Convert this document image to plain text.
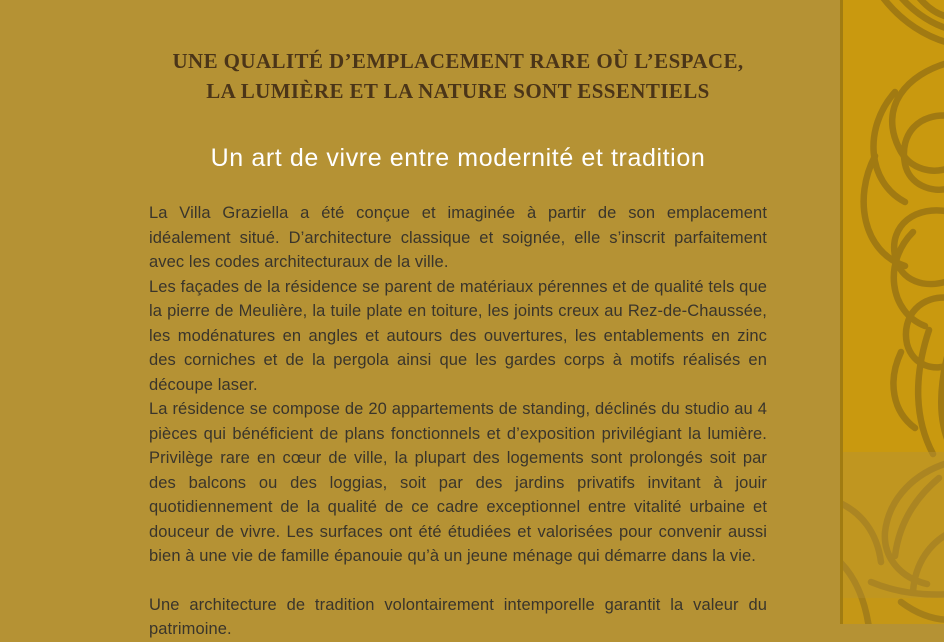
UNE QUALITÉ D’EMPLACEMENT RARE OÙ L’ESPACE,
LA LUMIÈRE ET LA NATURE SONT ESSENTIELS
Un art de vivre entre modernité et tradition

La Villa Graziella a été conçue et imaginée à partir de son emplacement idéalement situé. D’architecture classique et soignée, elle s’inscrit parfaitement avec les codes architecturaux de la ville.

Les façades de la résidence se parent de matériaux pérennes et de qualité tels que la pierre de Meulière, la tuile plate en toiture, les joints creux au Rez-de-Chaussée, les modénatures en angles et autours des ouvertures, les entablements en zinc des corniches et de la pergola ainsi que les gardes corps à motifs réalisés en découpe laser.

La résidence se compose de 20 appartements de standing, déclinés du studio au 4 pièces qui bénéficient de plans fonctionnels et d’exposition privilégiant la lumière. Privilège rare en cœur de ville, la plupart des logements sont prolongés soit par des balcons ou des loggias, soit par des jardins privatifs invitant à jouir quotidiennement de la qualité de ce cadre exceptionnel entre vitalité urbaine et douceur de vivre. Les surfaces ont été étudiées et valorisées pour convenir aussi bien à une vie de famille épanouie qu’à un jeune ménage qui démarre dans la vie.

Une architecture de tradition volontairement intemporelle garantit la valeur du patrimoine.
